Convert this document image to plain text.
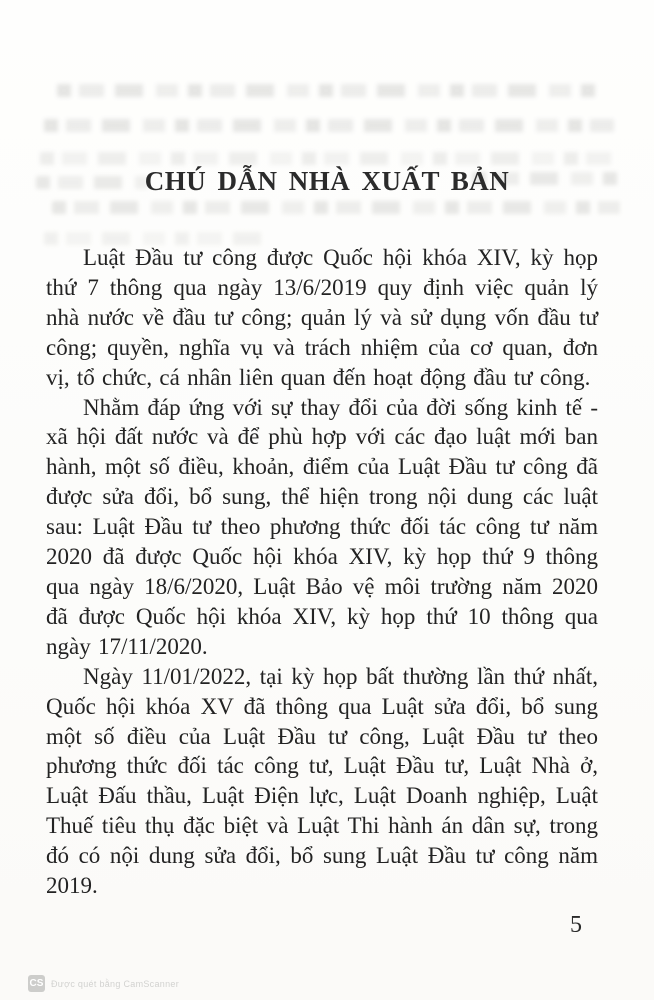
CHÚ DẪN NHÀ XUẤT BẢN

Luật Đầu tư công được Quốc hội khóa XIV, kỳ họp thứ 7 thông qua ngày 13/6/2019 quy định việc quản lý nhà nước về đầu tư công; quản lý và sử dụng vốn đầu tư công; quyền, nghĩa vụ và trách nhiệm của cơ quan, đơn vị, tổ chức, cá nhân liên quan đến hoạt động đầu tư công.

Nhằm đáp ứng với sự thay đổi của đời sống kinh tế - xã hội đất nước và để phù hợp với các đạo luật mới ban hành, một số điều, khoản, điểm của Luật Đầu tư công đã được sửa đổi, bổ sung, thể hiện trong nội dung các luật sau: Luật Đầu tư theo phương thức đối tác công tư năm 2020 đã được Quốc hội khóa XIV, kỳ họp thứ 9 thông qua ngày 18/6/2020, Luật Bảo vệ môi trường năm 2020 đã được Quốc hội khóa XIV, kỳ họp thứ 10 thông qua ngày 17/11/2020.

Ngày 11/01/2022, tại kỳ họp bất thường lần thứ nhất, Quốc hội khóa XV đã thông qua Luật sửa đổi, bổ sung một số điều của Luật Đầu tư công, Luật Đầu tư theo phương thức đối tác công tư, Luật Đầu tư, Luật Nhà ở, Luật Đấu thầu, Luật Điện lực, Luật Doanh nghiệp, Luật Thuế tiêu thụ đặc biệt và Luật Thi hành án dân sự, trong đó có nội dung sửa đổi, bổ sung Luật Đầu tư công năm 2019.

5
CS Được quét bằng CamScanner
